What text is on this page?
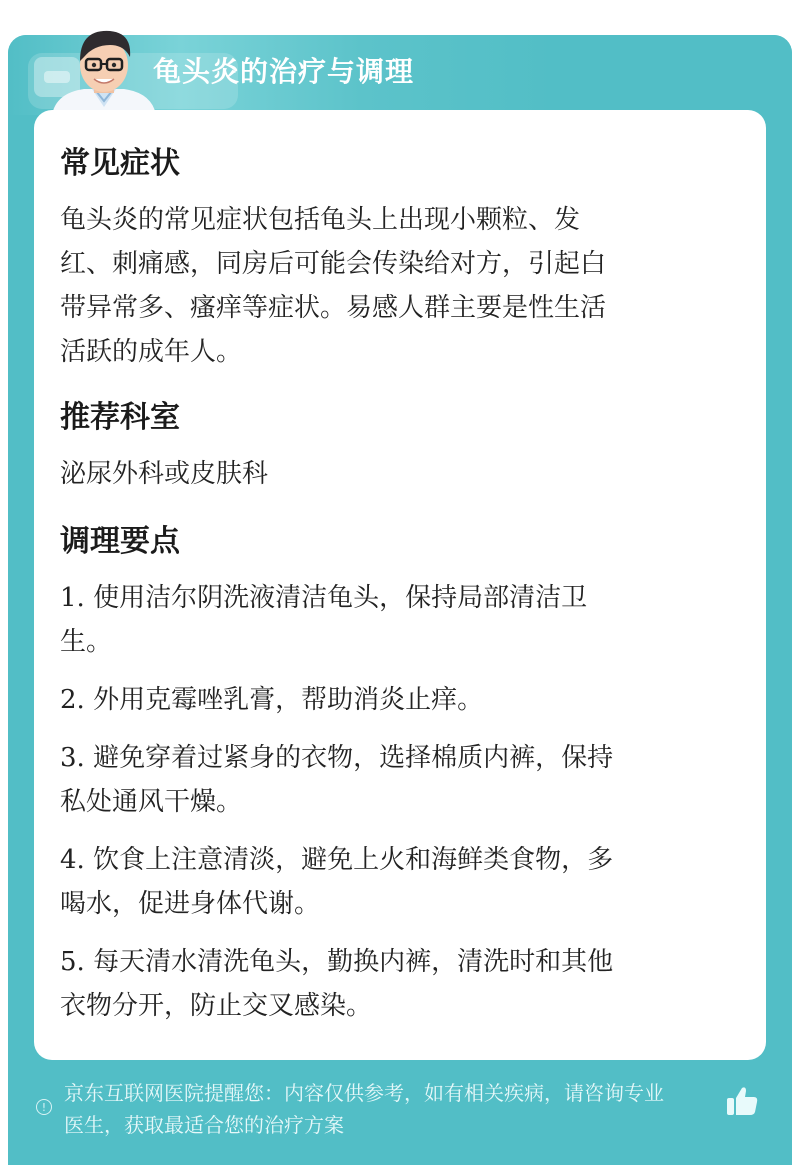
龟头炎的治疗与调理
常见症状
龟头炎的常见症状包括龟头上出现小颗粒、发
红、刺痛感，同房后可能会传染给对方，引起白
带异常多、瘙痒等症状。易感人群主要是性生活
活跃的成年人。
推荐科室
泌尿外科或皮肤科
调理要点
1. 使用洁尔阴洗液清洁龟头，保持局部清洁卫
生。
2. 外用克霉唑乳膏，帮助消炎止痒。
3. 避免穿着过紧身的衣物，选择棉质内裤，保持
私处通风干燥。
4. 饮食上注意清淡，避免上火和海鲜类食物，多
喝水，促进身体代谢。
5. 每天清水清洗龟头，勤换内裤，清洗时和其他
衣物分开，防止交叉感染。
!
京东互联网医院提醒您：内容仅供参考，如有相关疾病，请咨询专业
医生，获取最适合您的治疗方案
